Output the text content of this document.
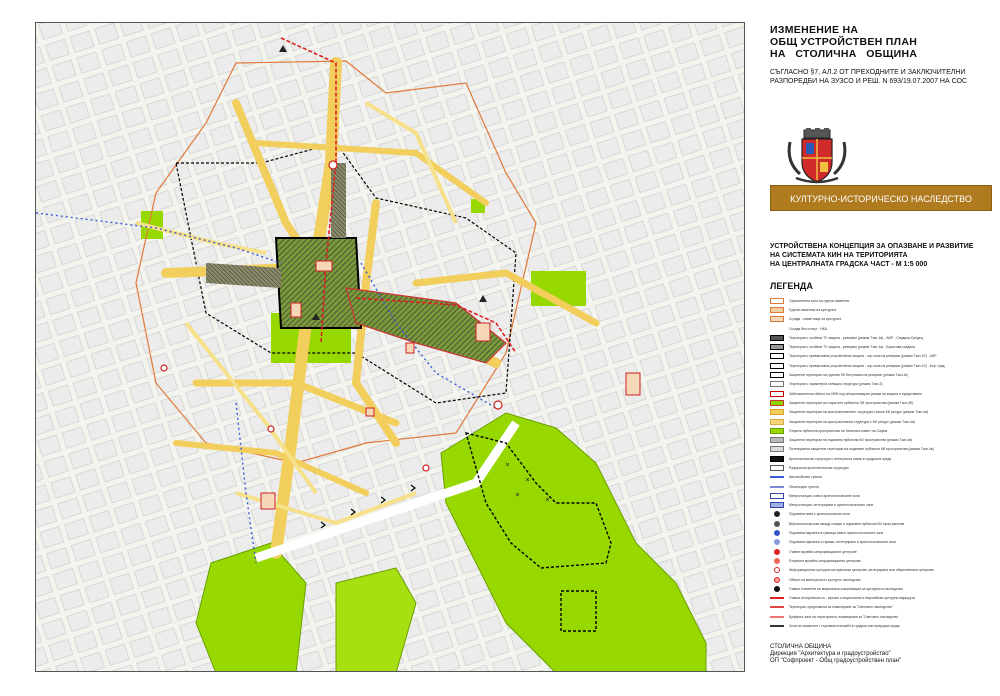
ИЗМЕНЕНИЕ НА
ОБЩ УСТРОЙСТВЕН ПЛАН
НА   СТОЛИЧНА   ОБЩИНА
СЪГЛАСНО §7, АЛ.2 ОТ ПРЕХОДНИТЕ И ЗАКЛЮЧИТЕЛНИ
РАЗПОРЕДБИ НА ЗУЗСО И РЕШ. N 693/19.07.2007 НА СОС
КУЛТУРНО-ИСТОРИЧЕСКО НАСЛЕДСТВО
УСТРОЙСТВЕНА КОНЦЕПЦИЯ ЗА ОПАЗВАНЕ И РАЗВИТИЕ
НА СИСТЕМАТА КИН НА ТЕРИТОРИЯТА
НА ЦЕНТРАЛНАТА ГРАДСКА ЧАСТ - М 1:5 000
ЛЕГЕНДА
Охранителна зона на групов паметник
Групов паметник на културата
Сгради - паметници на културата
Сгради без статут - НКЦ
Територии с особена ТУ защита - резерват (режим Тзкн-1а) - АИР - Сердика-Средец
Територии с особена ТУ защита - резерват (режим Тзкн-1а) - Борисова градина
Територии с превантивна устройствена защита - охр.зона на резерват (режим Тзкн-1б) - АИР
Територии с превантивна устройствена защита - охр.зона на резерват (режим Тзкн-1б) - Бор. град.
Защитени територии на групови ПК без режим на резерват (режим Тзкн-1в)
Територии с характерна селищна структура (режим Тзкн-3)
Забележителни обекти на ОВН под специализиран режим на защита и представяне
Защитени територии на откритите публични ЗИ пространства (режим Тзкн-4б)
Защитени територии на пространствените структури с висок КИ ресурс (режим Тзкн-4а)
Защитени територии на пространствени структури с КИ ресурс (режим Тзкн-4в)
Открити публични пространства на Зелената памет на София
Защитени територии на подземни публични КИ пространства (режим Тзкн-4в)
Потенциални защитени територии на подземни публични КИ пространства (режим Тзкн-4в)
Археологически структури с интегрална изява в градската среда
Разрушени археологически структури
Автомобилни тунели
Пешеходни тунели
Метростанции, извън археологическите зони
Метростанции, интегрирани в археологическите зони
Подземни нива с археологически зони
Вертикални връзки между спирки и подземни публични КИ пространства
Подземни паркинги в граници извън археологическите зони
Подземни паркинги и гаражи, интегрирани в археологическите зони
Главни музейно-информационни центрове
Етерични музейно-информационни центрове
Информационни културно-исторически центрове, интегрирани във обществените центрове
Обекти на минералното културно наследство
Главни елементи на визуалната комуникация за културното наследство
Главна историческа ос - връзки с национални и европейски културни маршрути
Територии, предложени за номиниране за "Световно наследство"
Буферна зона на територията, номинирана за "Световно наследство"
Зона на занаятите / търговски изложби в градска или природна среда
СТОЛИЧНА ОБЩИНА
Дирекция "Архитектура и градоустройство"
ОП "Софпроект - Общ градоустройствен план"
